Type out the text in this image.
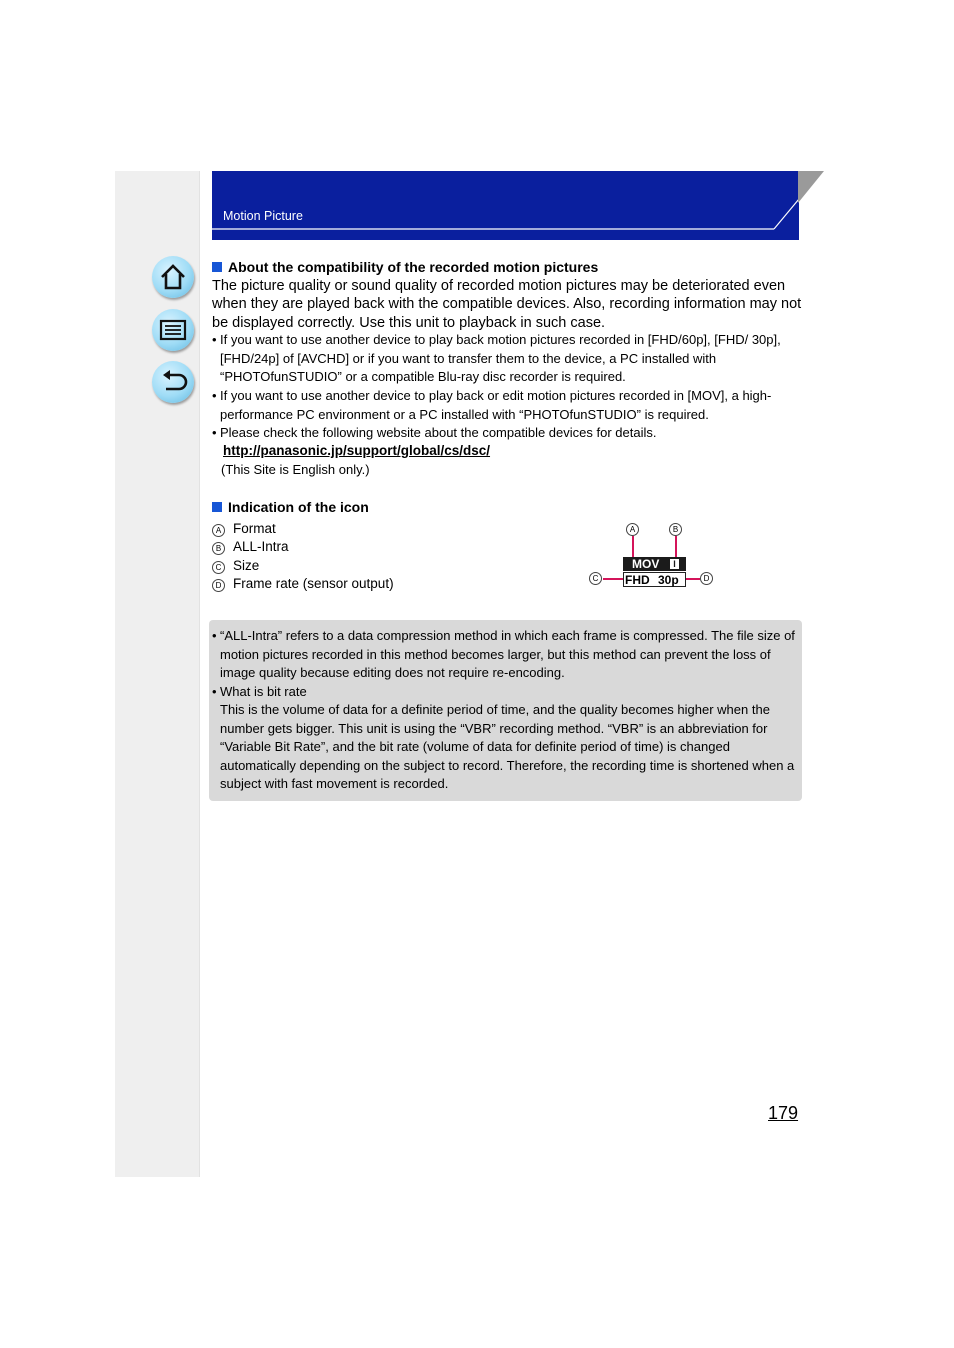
Motion Picture
About the compatibility of the recorded motion pictures
The picture quality or sound quality of recorded motion pictures may be deteriorated even when they are played back with the compatible devices. Also, recording information may not be displayed correctly. Use this unit to playback in such case.
• If you want to use another device to play back motion pictures recorded in [FHD/60p], [FHD/ 30p], [FHD/24p] of [AVCHD] or if you want to transfer them to the device, a PC installed with “PHOTOfunSTUDIO” or a compatible Blu-ray disc recorder is required.
• If you want to use another device to play back or edit motion pictures recorded in [MOV], a high-performance PC environment or a PC installed with “PHOTOfunSTUDIO” is required.
• Please check the following website about the compatible devices for details.
http://panasonic.jp/support/global/cs/dsc/
(This Site is English only.)
Indication of the icon
A Format
B ALL-Intra
C Size
D Frame rate (sensor output)
A	B
C	D
MOV	I
FHD 30p
• “ALL-Intra” refers to a data compression method in which each frame is compressed. The file size of motion pictures recorded in this method becomes larger, but this method can prevent the loss of image quality because editing does not require re-encoding.
• What is bit rate
This is the volume of data for a definite period of time, and the quality becomes higher when the number gets bigger. This unit is using the “VBR” recording method. “VBR” is an abbreviation for “Variable Bit Rate”, and the bit rate (volume of data for definite period of time) is changed automatically depending on the subject to record. Therefore, the recording time is shortened when a subject with fast movement is recorded.
179
